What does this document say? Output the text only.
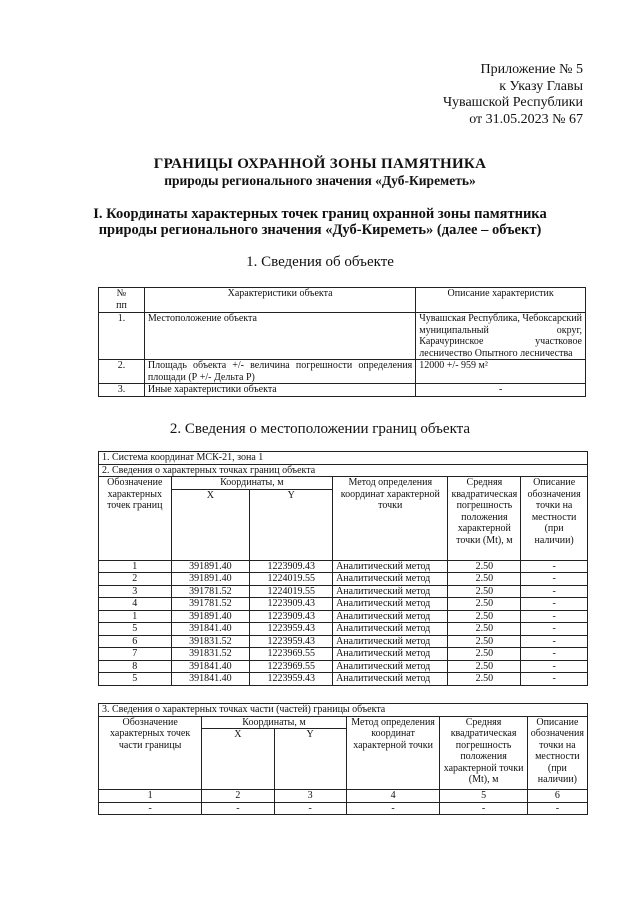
Приложение № 5
к Указу Главы
Чувашской Республики
от 31.05.2023 № 67
ГРАНИЦЫ ОХРАННОЙ ЗОНЫ ПАМЯТНИКА
природы регионального значения «Дуб-Киреметь»
I. Координаты характерных точек границ охранной зоны памятника
природы регионального значения «Дуб-Киреметь» (далее – объект)
1. Сведения об объекте
№
пп	Характеристики объекта	Описание характеристик
1.	Местоположение объекта	Чувашская Республика, Чебоксарский муниципальный округ, Карачуринское участковое лесничество Опытного лесничества
2.	Площадь объекта +/- величина погрешности определения площади (Р +/- Дельта Р)	12000 +/- 959 м²
3.	Иные характеристики объекта	-
2. Сведения о местоположении границ объекта
1. Система координат МСК-21, зона 1					
2. Сведения о характерных точках границ объекта					
Обозначение характерных точек границ	Координаты, м		Метод определения координат характерной точки	Средняя квадратическая погрешность положения характерной точки (Mt), м	Описание обозначения точки на местности (при наличии)
	X	Y			
1	391891.40	1223909.43	Аналитический метод	2.50	-
2	391891.40	1224019.55	Аналитический метод	2.50	-
3	391781.52	1224019.55	Аналитический метод	2.50	-
4	391781.52	1223909.43	Аналитический метод	2.50	-
1	391891.40	1223909.43	Аналитический метод	2.50	-
5	391841.40	1223959.43	Аналитический метод	2.50	-
6	391831.52	1223959.43	Аналитический метод	2.50	-
7	391831.52	1223969.55	Аналитический метод	2.50	-
8	391841.40	1223969.55	Аналитический метод	2.50	-
5	391841.40	1223959.43	Аналитический метод	2.50	-
3. Сведения о характерных точках части (частей) границы объекта					
Обозначение характерных точек части границы	Координаты, м		Метод определения координат характерной точки	Средняя квадратическая погрешность положения характерной точки (Mt), м	Описание обозначения точки на местности (при наличии)
	X	Y			
1	2	3	4	5	6
-	-	-	-	-	-
